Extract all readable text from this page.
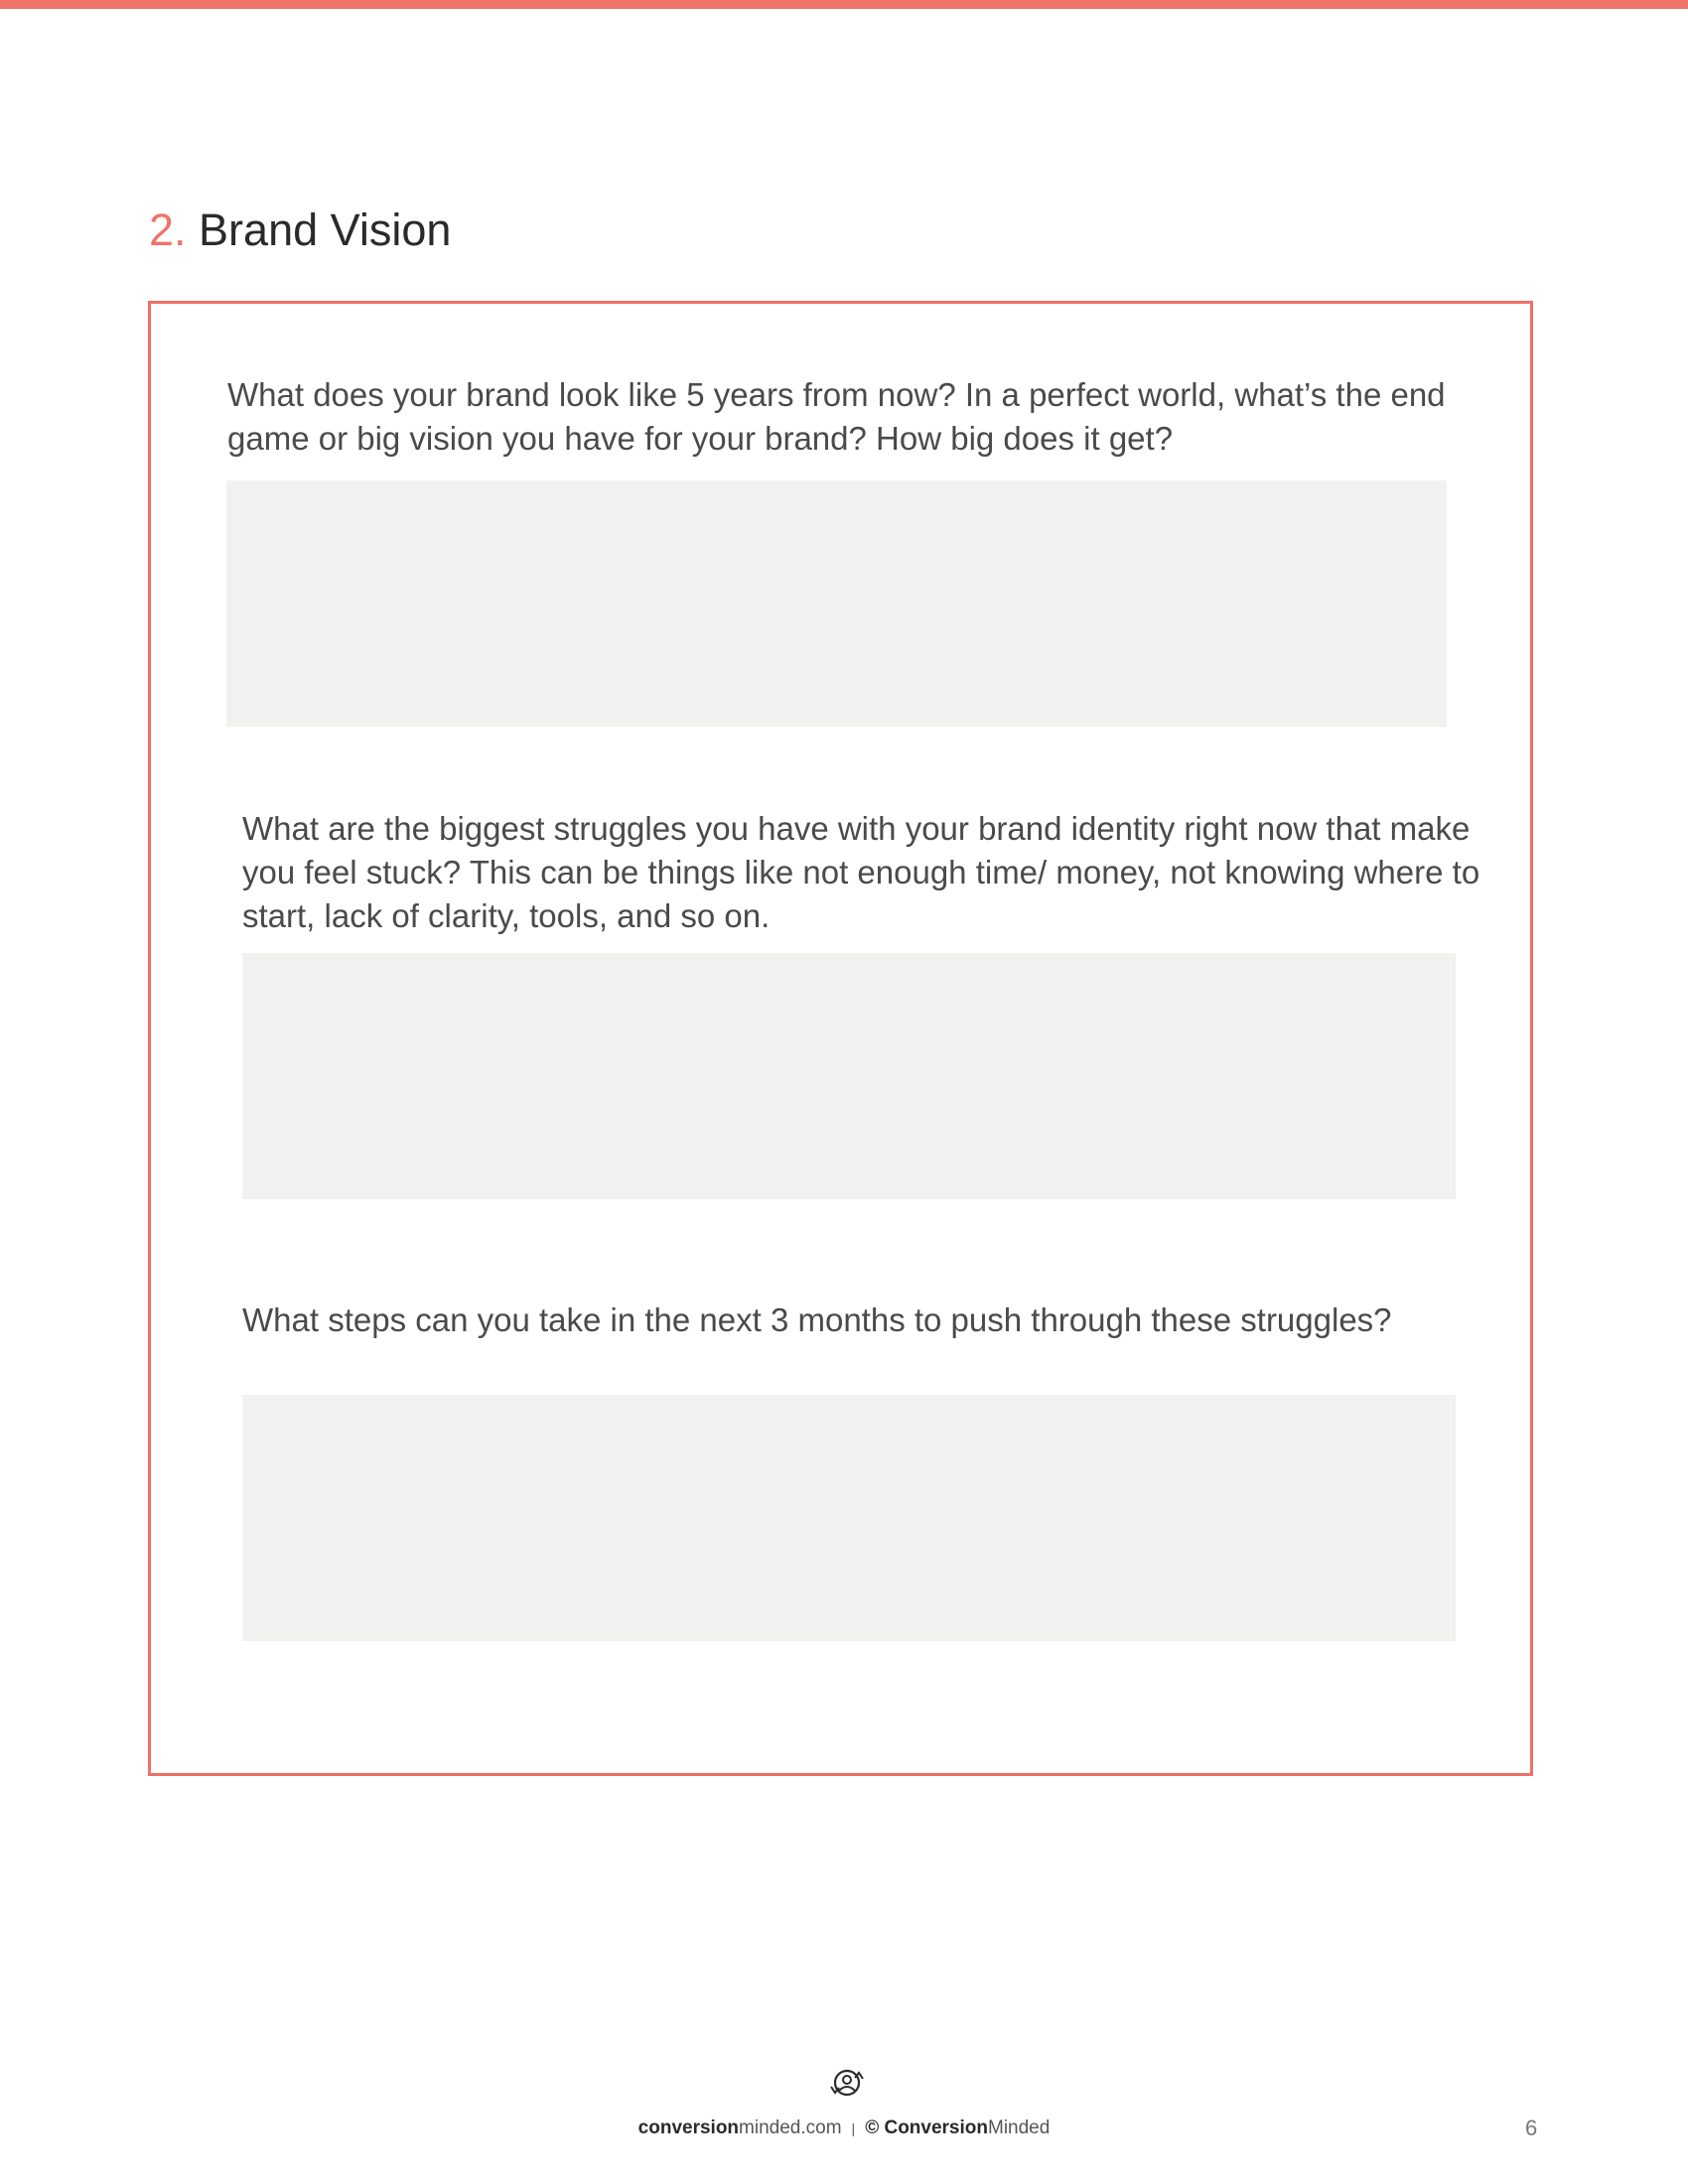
2. Brand Vision
What does your brand look like 5 years from now? In a perfect world, what’s the end game or big vision you have for your brand? How big does it get?
What are the biggest struggles you have with your brand identity right now that make you feel stuck? This can be things like not enough time/ money, not knowing where to start, lack of clarity, tools, and so on.
What steps can you take in the next 3 months to push through these struggles?
conversionminded.com | © ConversionMinded	6
